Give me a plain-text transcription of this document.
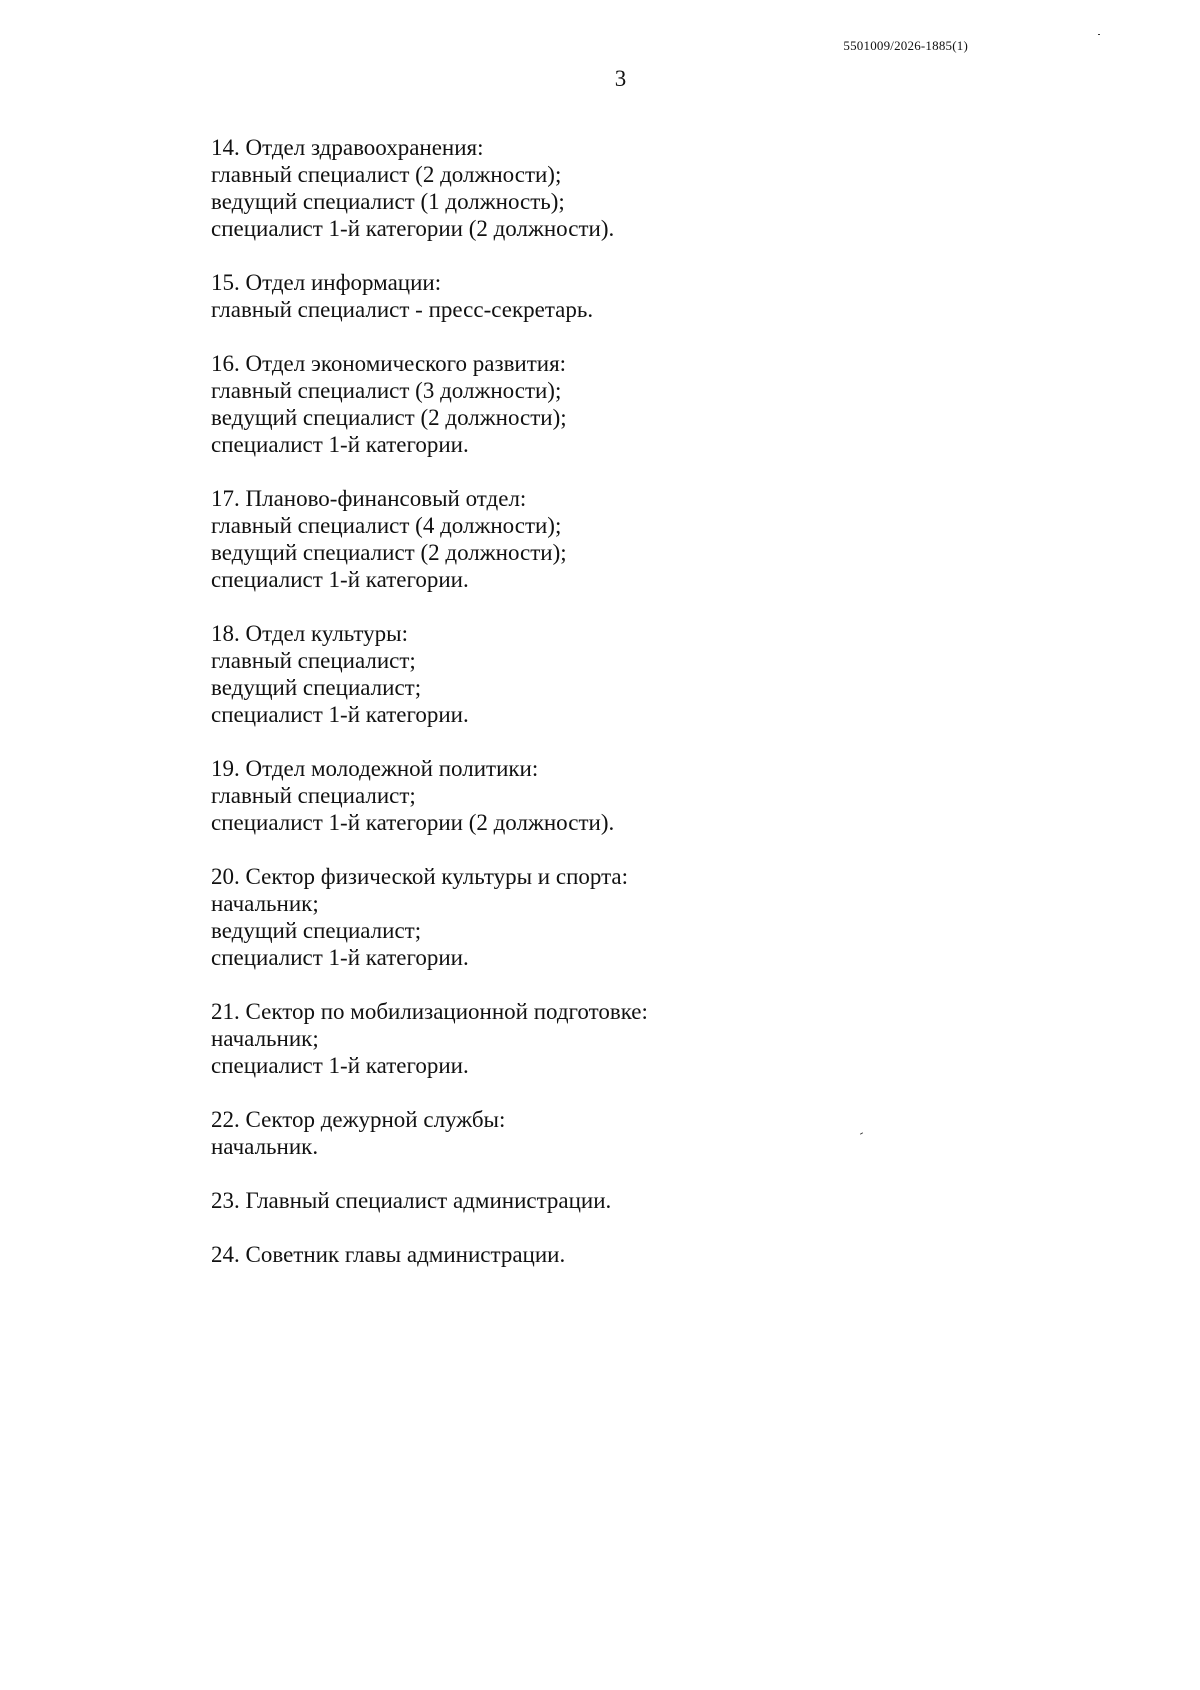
5501009/2026-1885(1)
3
14. Отдел здравоохранения:
главный специалист (2 должности);
ведущий специалист (1 должность);
специалист 1-й категории (2 должности).
15. Отдел информации:
главный специалист - пресс-секретарь.
16. Отдел экономического развития:
главный специалист (3 должности);
ведущий специалист (2 должности);
специалист 1-й категории.
17. Планово-финансовый отдел:
главный специалист (4 должности);
ведущий специалист (2 должности);
специалист 1-й категории.
18. Отдел культуры:
главный специалист;
ведущий специалист;
специалист 1-й категории.
19. Отдел молодежной политики:
главный специалист;
специалист 1-й категории (2 должности).
20. Сектор физической культуры и спорта:
начальник;
ведущий специалист;
специалист 1-й категории.
21. Сектор по мобилизационной подготовке:
начальник;
специалист 1-й категории.
22. Сектор дежурной службы:
начальник.
23. Главный специалист администрации.
24. Советник главы администрации.
